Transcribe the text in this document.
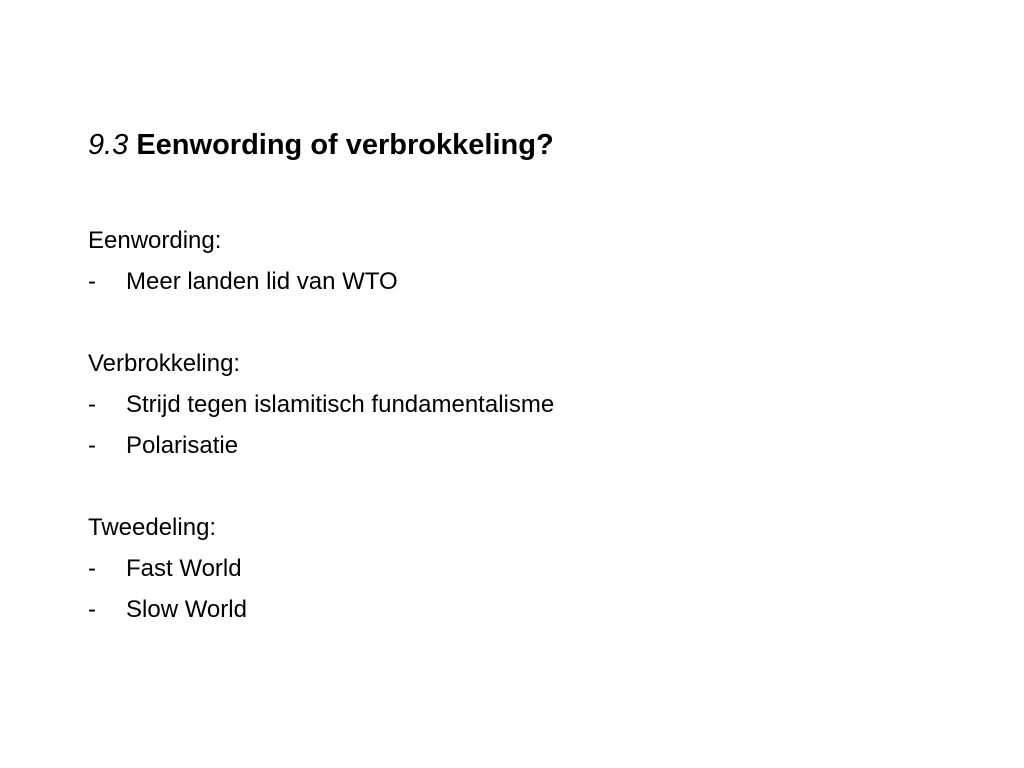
9.3 Eenwording of verbrokkeling?
Eenwording:
- Meer landen lid van WTO
Verbrokkeling:
- Strijd tegen islamitisch fundamentalisme
- Polarisatie
Tweedeling:
- Fast World
- Slow World
